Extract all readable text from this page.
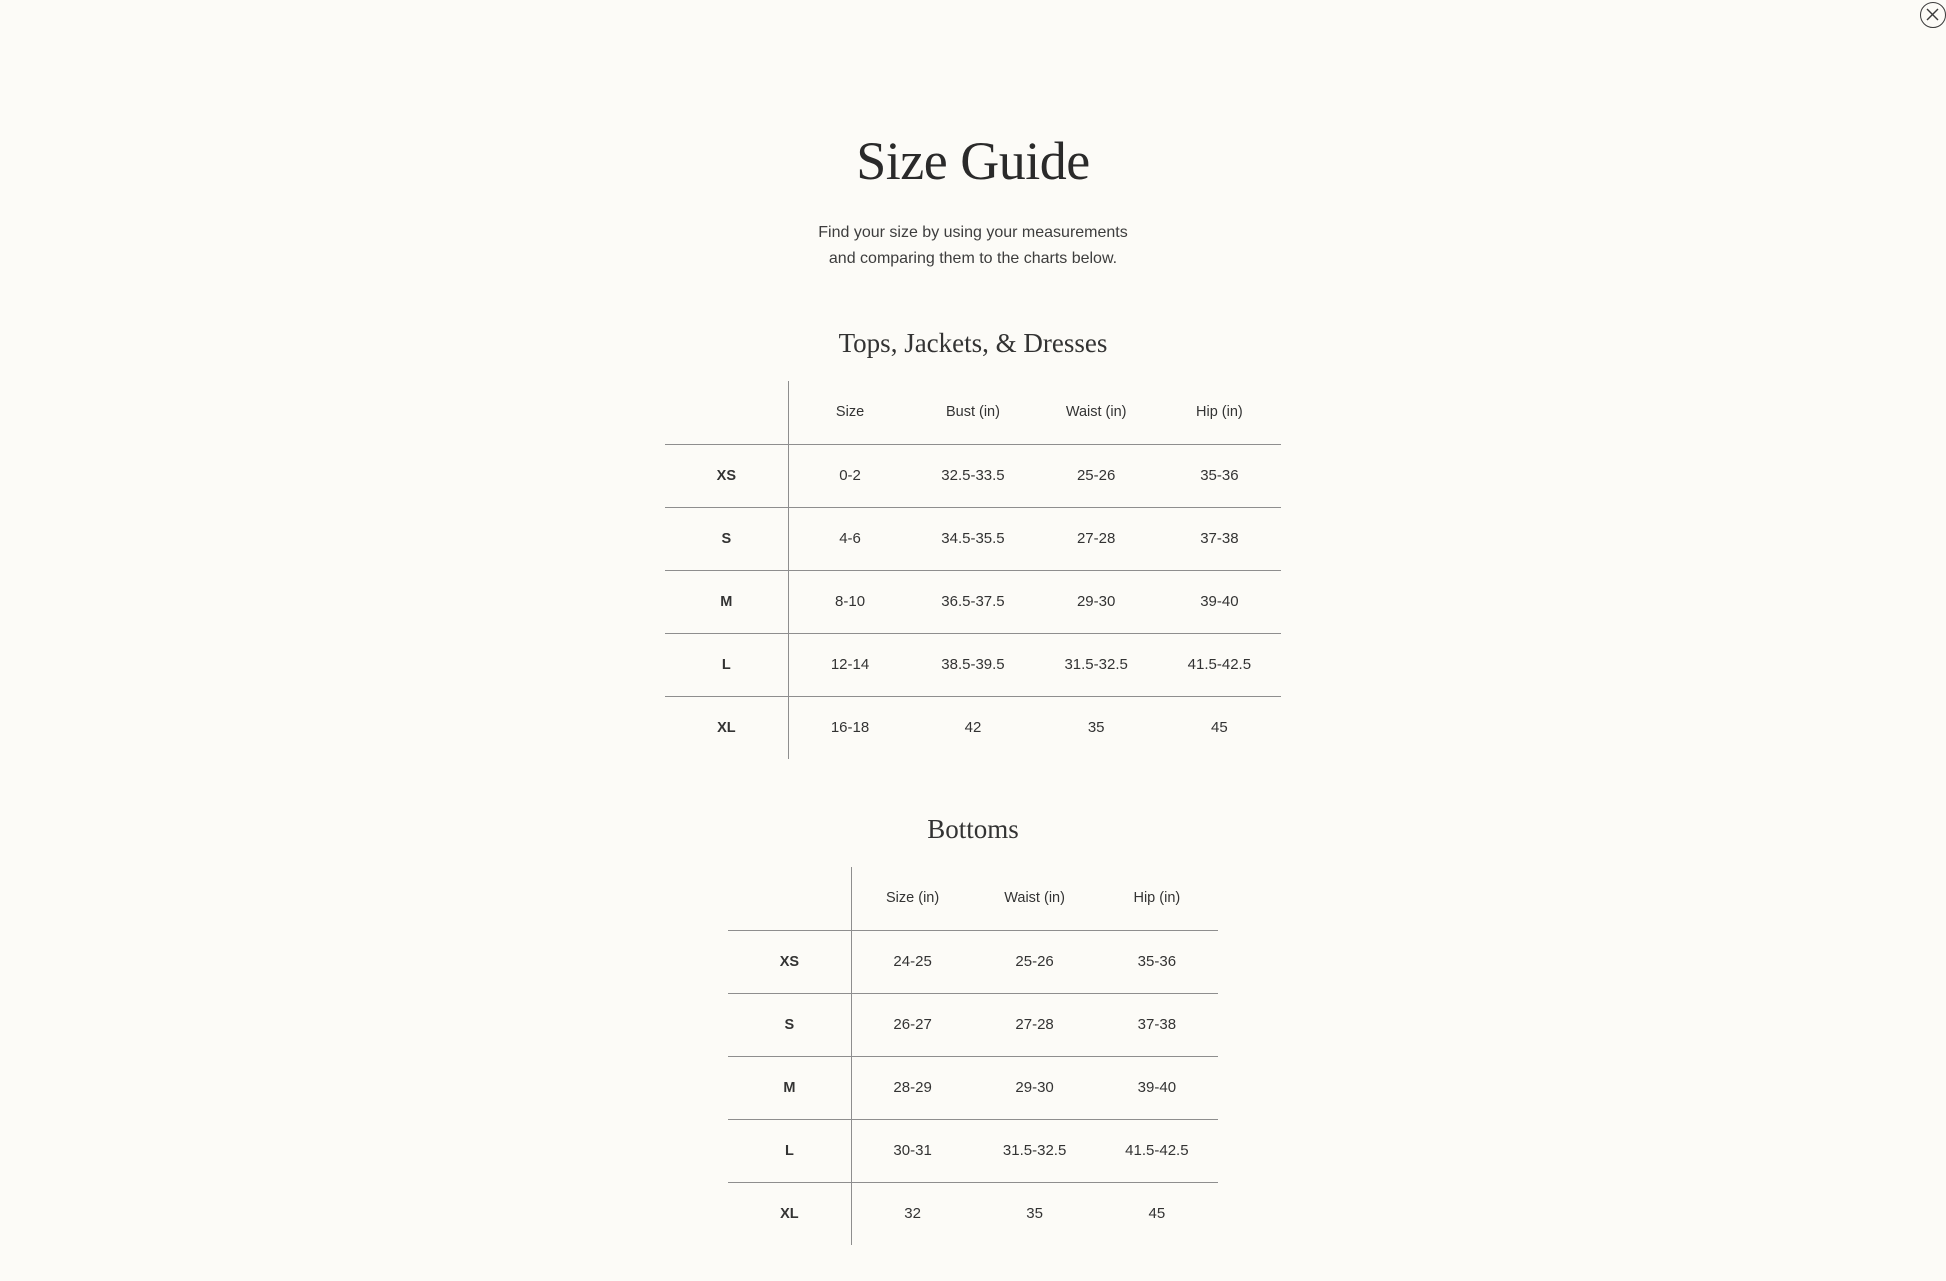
Size Guide

Find your size by using your measurements
and comparing them to the charts below.

Tops, Jackets, & Dresses
	Size	Bust (in)	Waist (in)	Hip (in)
XS	0-2	32.5-33.5	25-26	35-36
S	4-6	34.5-35.5	27-28	37-38
M	8-10	36.5-37.5	29-30	39-40
L	12-14	38.5-39.5	31.5-32.5	41.5-42.5
XL	16-18	42	35	45
Bottoms
	Size (in)	Waist (in)	Hip (in)
XS	24-25	25-26	35-36
S	26-27	27-28	37-38
M	28-29	29-30	39-40
L	30-31	31.5-32.5	41.5-42.5
XL	32	35	45
